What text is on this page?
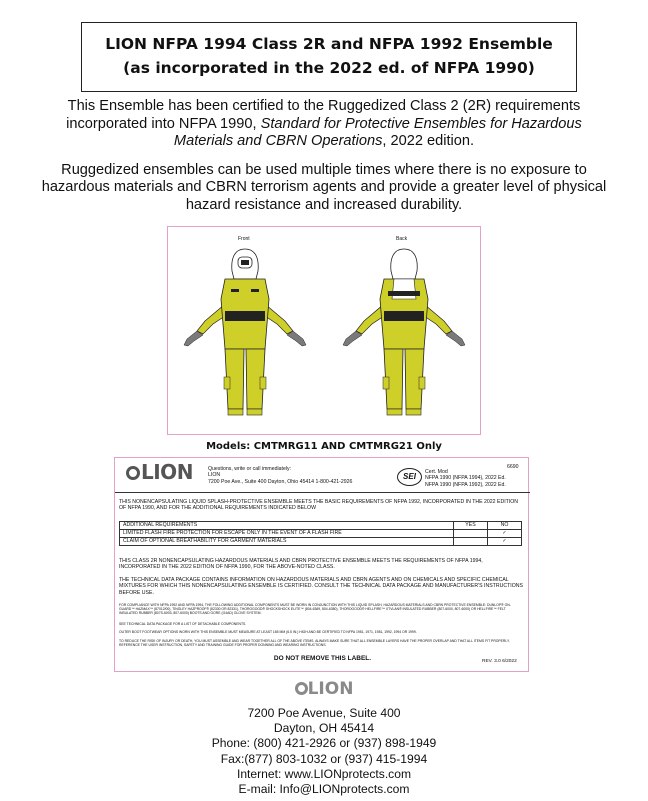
LION NFPA 1994 Class 2R and NFPA 1992 Ensemble
(as incorporated in the 2022 ed. of NFPA 1990)

This Ensemble has been certified to the Ruggedized Class 2 (2R) requirements incorporated into NFPA 1990, Standard for Protective Ensembles for Hazardous Materials and CBRN Operations, 2022 edition.

Ruggedized ensembles can be used multiple times where there is no exposure to hazardous materials and CBRN terrorism agents and provide a greater level of physical hazard resistance and increased durability.

Front	Back
Models: CMTMRG11 AND CMTMRG21 Only
LION	Questions, write or call immediately:
LION
7200 Poe Ave., Suite 400 Dayton, Ohio 45414 1-800-421-2926
SEI	Cert. Mod
NFPA 1990 (NFPA 1994), 2022 Ed.
NFPA 1990 (NFPA 1992), 2022 Ed.
6690
THIS NONENCAPSULATING LIQUID SPLASH-PROTECTIVE ENSEMBLE MEETS THE BASIC REQUIREMENTS OF NFPA 1992, INCORPORATED IN THE 2022 EDITION OF NFPA 1990, AND FOR THE ADDITIONAL REQUIREMENTS INDICATED BELOW
ADDITIONAL REQUIREMENTS	YES	NO
LIMITED FLASH FIRE PROTECTION FOR ESCAPE ONLY IN THE EVENT OF A FLASH FIRE		✓
CLAIM OF OPTIONAL BREATHABILITY FOR GARMENT MATERIALS		✓
THIS CLASS 2R NONENCAPSULATING HAZARDOUS MATERIALS AND CBRN PROTECTIVE ENSEMBLE MEETS THE REQUIREMENTS OF NFPA 1994, INCORPORATED IN THE 2022 EDITION OF NFPA 1990, FOR THE ABOVE-NOTED CLASS.
THE TECHNICAL DATA PACKAGE CONTAINS INFORMATION ON HAZARDOUS MATERIALS AND CBRN AGENTS AND ON CHEMICALS AND SPECIFIC CHEMICAL MIXTURES FOR WHICH THIS NONENCAPSULATING ENSEMBLE IS CERTIFIED. CONSULT THE TECHNICAL DATA PACKAGE AND MANUFACTURER'S INSTRUCTIONS BEFORE USE.
FOR COMPLIANCE WITH NFPA 1992 AND NFPA 1994, THE FOLLOWING ADDITIONAL COMPONENTS MUST BE WORN IN CONJUNCTION WITH THIS LIQUID SPLASH, HAZARDOUS MATERIALS AND CBRN PROTECTIVE ENSEMBLE: DUNLOP® ON-GUARD™ HAZMAX™ (87012/00), TINGLEY HAZPROOF® (82330 OR 82331), THOROGOOD® SHOCKSHOCK ELITE™ (804-6369, 804-6380), THOROGOOD® HELLFIRE™ XTVLAN® INSULATED RUBBER (807-6000, 807-6000) OR HELLFIRE™ FELT INSULATED RUBBER (807S-6003, 807-6000) BOOTS AND GORE (G4AD) GLOVE SYSTEM.
SEE TECHNICAL DATA PACKAGE FOR A LIST OF DETACHABLE COMPONENTS.
OUTER BOOT FOOTWEAR OPTIONS WORN WITH THIS ENSEMBLE MUST MEASURE AT LEAST 165 MM (6.5 IN.) HIGH AND BE CERTIFIED TO NFPA 1951, 1971, 1981, 1992, 1994 OR 1999.
TO REDUCE THE RISK OF INJURY OR DEATH, YOU MUST ASSEMBLE AND WEAR TOGETHER ALL OF THE ABOVE ITEMS. ALWAYS MAKE SURE THAT ALL ENSEMBLE LAYERS HAVE THE PROPER OVERLAP AND THAT ALL ITEMS FIT PROPERLY. REFERENCE THE USER INSTRUCTION, SAFETY AND TRAINING GUIDE FOR PROPER DONNING AND WEARING INSTRUCTIONS.
DO NOT REMOVE THIS LABEL.	REV. 3.0 6/2022
LION
7200 Poe Avenue, Suite 400
Dayton, OH 45414
Phone: (800) 421-2926 or (937) 898-1949
Fax:(877) 803-1032 or (937) 415-1994
Internet: www.LIONprotects.com
E-mail: Info@LIONprotects.com
